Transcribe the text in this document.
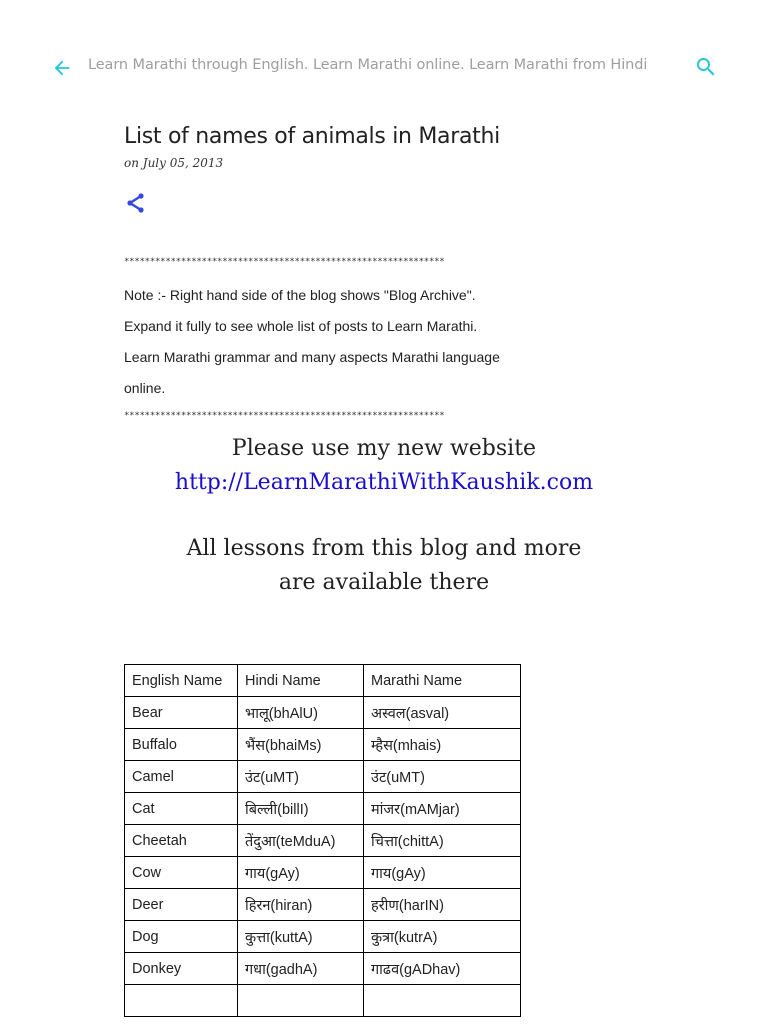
Learn Marathi through English. Learn Marathi online. Learn Marathi from Hindi
List of names of animals in Marathi
on July 05, 2013
**************************************************************

Note :- Right hand side of the blog shows "Blog Archive".

Expand it fully to see whole list of posts to Learn Marathi.

Learn Marathi grammar and many aspects Marathi language

online.

**************************************************************
Please use my new website
http://LearnMarathiWithKaushik.com
All lessons from this blog and more
are available there
English Name	Hindi Name	Marathi Name
Bear	भालू(bhAlU)	अस्वल(asval)
Buffalo	भैंस(bhaiMs)	म्हैस(mhais)
Camel	उंट(uMT)	उंट(uMT)
Cat	बिल्ली(billI)	मांजर(mAMjar)
Cheetah	तेंदुआ(teMduA)	चित्ता(chittA)
Cow	गाय(gAy)	गाय(gAy)
Deer	हिरन(hiran)	हरीण(harIN)
Dog	कुत्ता(kuttA)	कुत्रा(kutrA)
Donkey	गधा(gadhA)	गाढव(gADhav)
